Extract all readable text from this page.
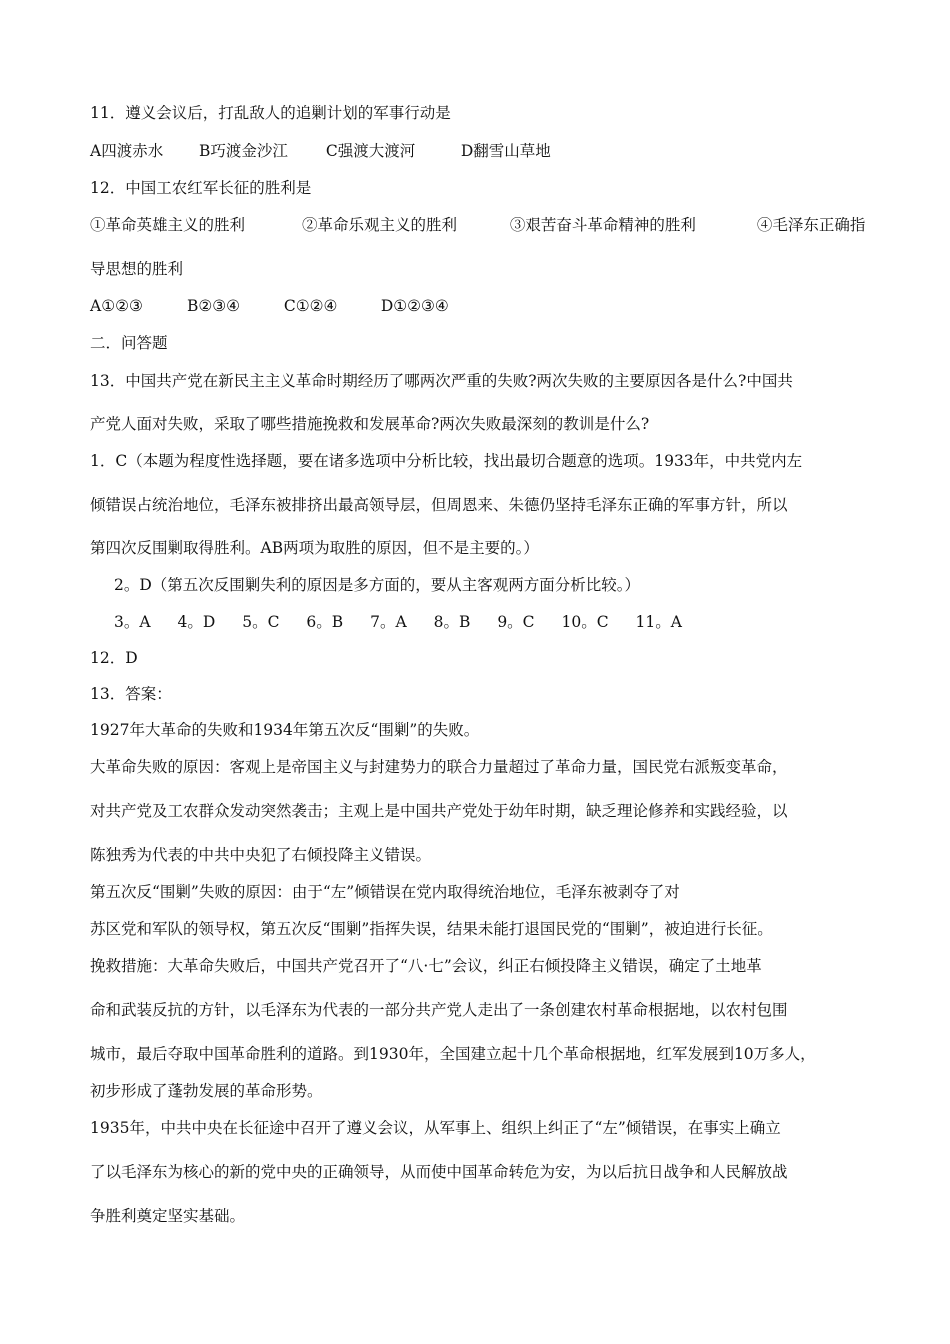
11．遵义会议后，打乱敌人的追剿计划的军事行动是
A四渡赤水 B巧渡金沙江 C强渡大渡河	D翻雪山草地
12．中国工农红军长征的胜利是
①革命英雄主义的胜利	②革命乐观主义的胜利	③艰苦奋斗革命精神的胜利	④毛泽东正确指
导思想的胜利
A①②③	B②③④	C①②④	D①②③④
二．问答题
13．中国共产党在新民主主义革命时期经历了哪两次严重的失败?两次失败的主要原因各是什么?中国共
产党人面对失败，采取了哪些措施挽救和发展革命?两次失败最深刻的教训是什么?
1．C（本题为程度性选择题，要在诸多选项中分析比较，找出最切合题意的选项。1933年，中共党内左
倾错误占统治地位，毛泽东被排挤出最高领导层，但周恩来、朱德仍坚持毛泽东正确的军事方针，所以
第四次反围剿取得胜利。AB两项为取胜的原因，但不是主要的。）
2。D（第五次反围剿失利的原因是多方面的，要从主客观两方面分析比较。）
3。A 4。D 5。C 6。B 7。A 8。B 9。C 10。C 11。A
12．D
13．答案：
1927年大革命的失败和1934年第五次反“围剿”的失败。
大革命失败的原因：客观上是帝国主义与封建势力的联合力量超过了革命力量，国民党右派叛变革命，
对共产党及工农群众发动突然袭击；主观上是中国共产党处于幼年时期，缺乏理论修养和实践经验，以
陈独秀为代表的中共中央犯了右倾投降主义错误。
第五次反“围剿”失败的原因：由于“左”倾错误在党内取得统治地位，毛泽东被剥夺了对
苏区党和军队的领导权，第五次反“围剿”指挥失误，结果未能打退国民党的“围剿”，被迫进行长征。
挽救措施：大革命失败后，中国共产党召开了“八·七”会议，纠正右倾投降主义错误，确定了土地革
命和武装反抗的方针，以毛泽东为代表的一部分共产党人走出了一条创建农村革命根据地，以农村包围
城市，最后夺取中国革命胜利的道路。到1930年，全国建立起十几个革命根据地，红军发展到10万多人，
初步形成了蓬勃发展的革命形势。
1935年，中共中央在长征途中召开了遵义会议，从军事上、组织上纠正了“左”倾错误，在事实上确立
了以毛泽东为核心的新的党中央的正确领导，从而使中国革命转危为安，为以后抗日战争和人民解放战
争胜利奠定坚实基础。
